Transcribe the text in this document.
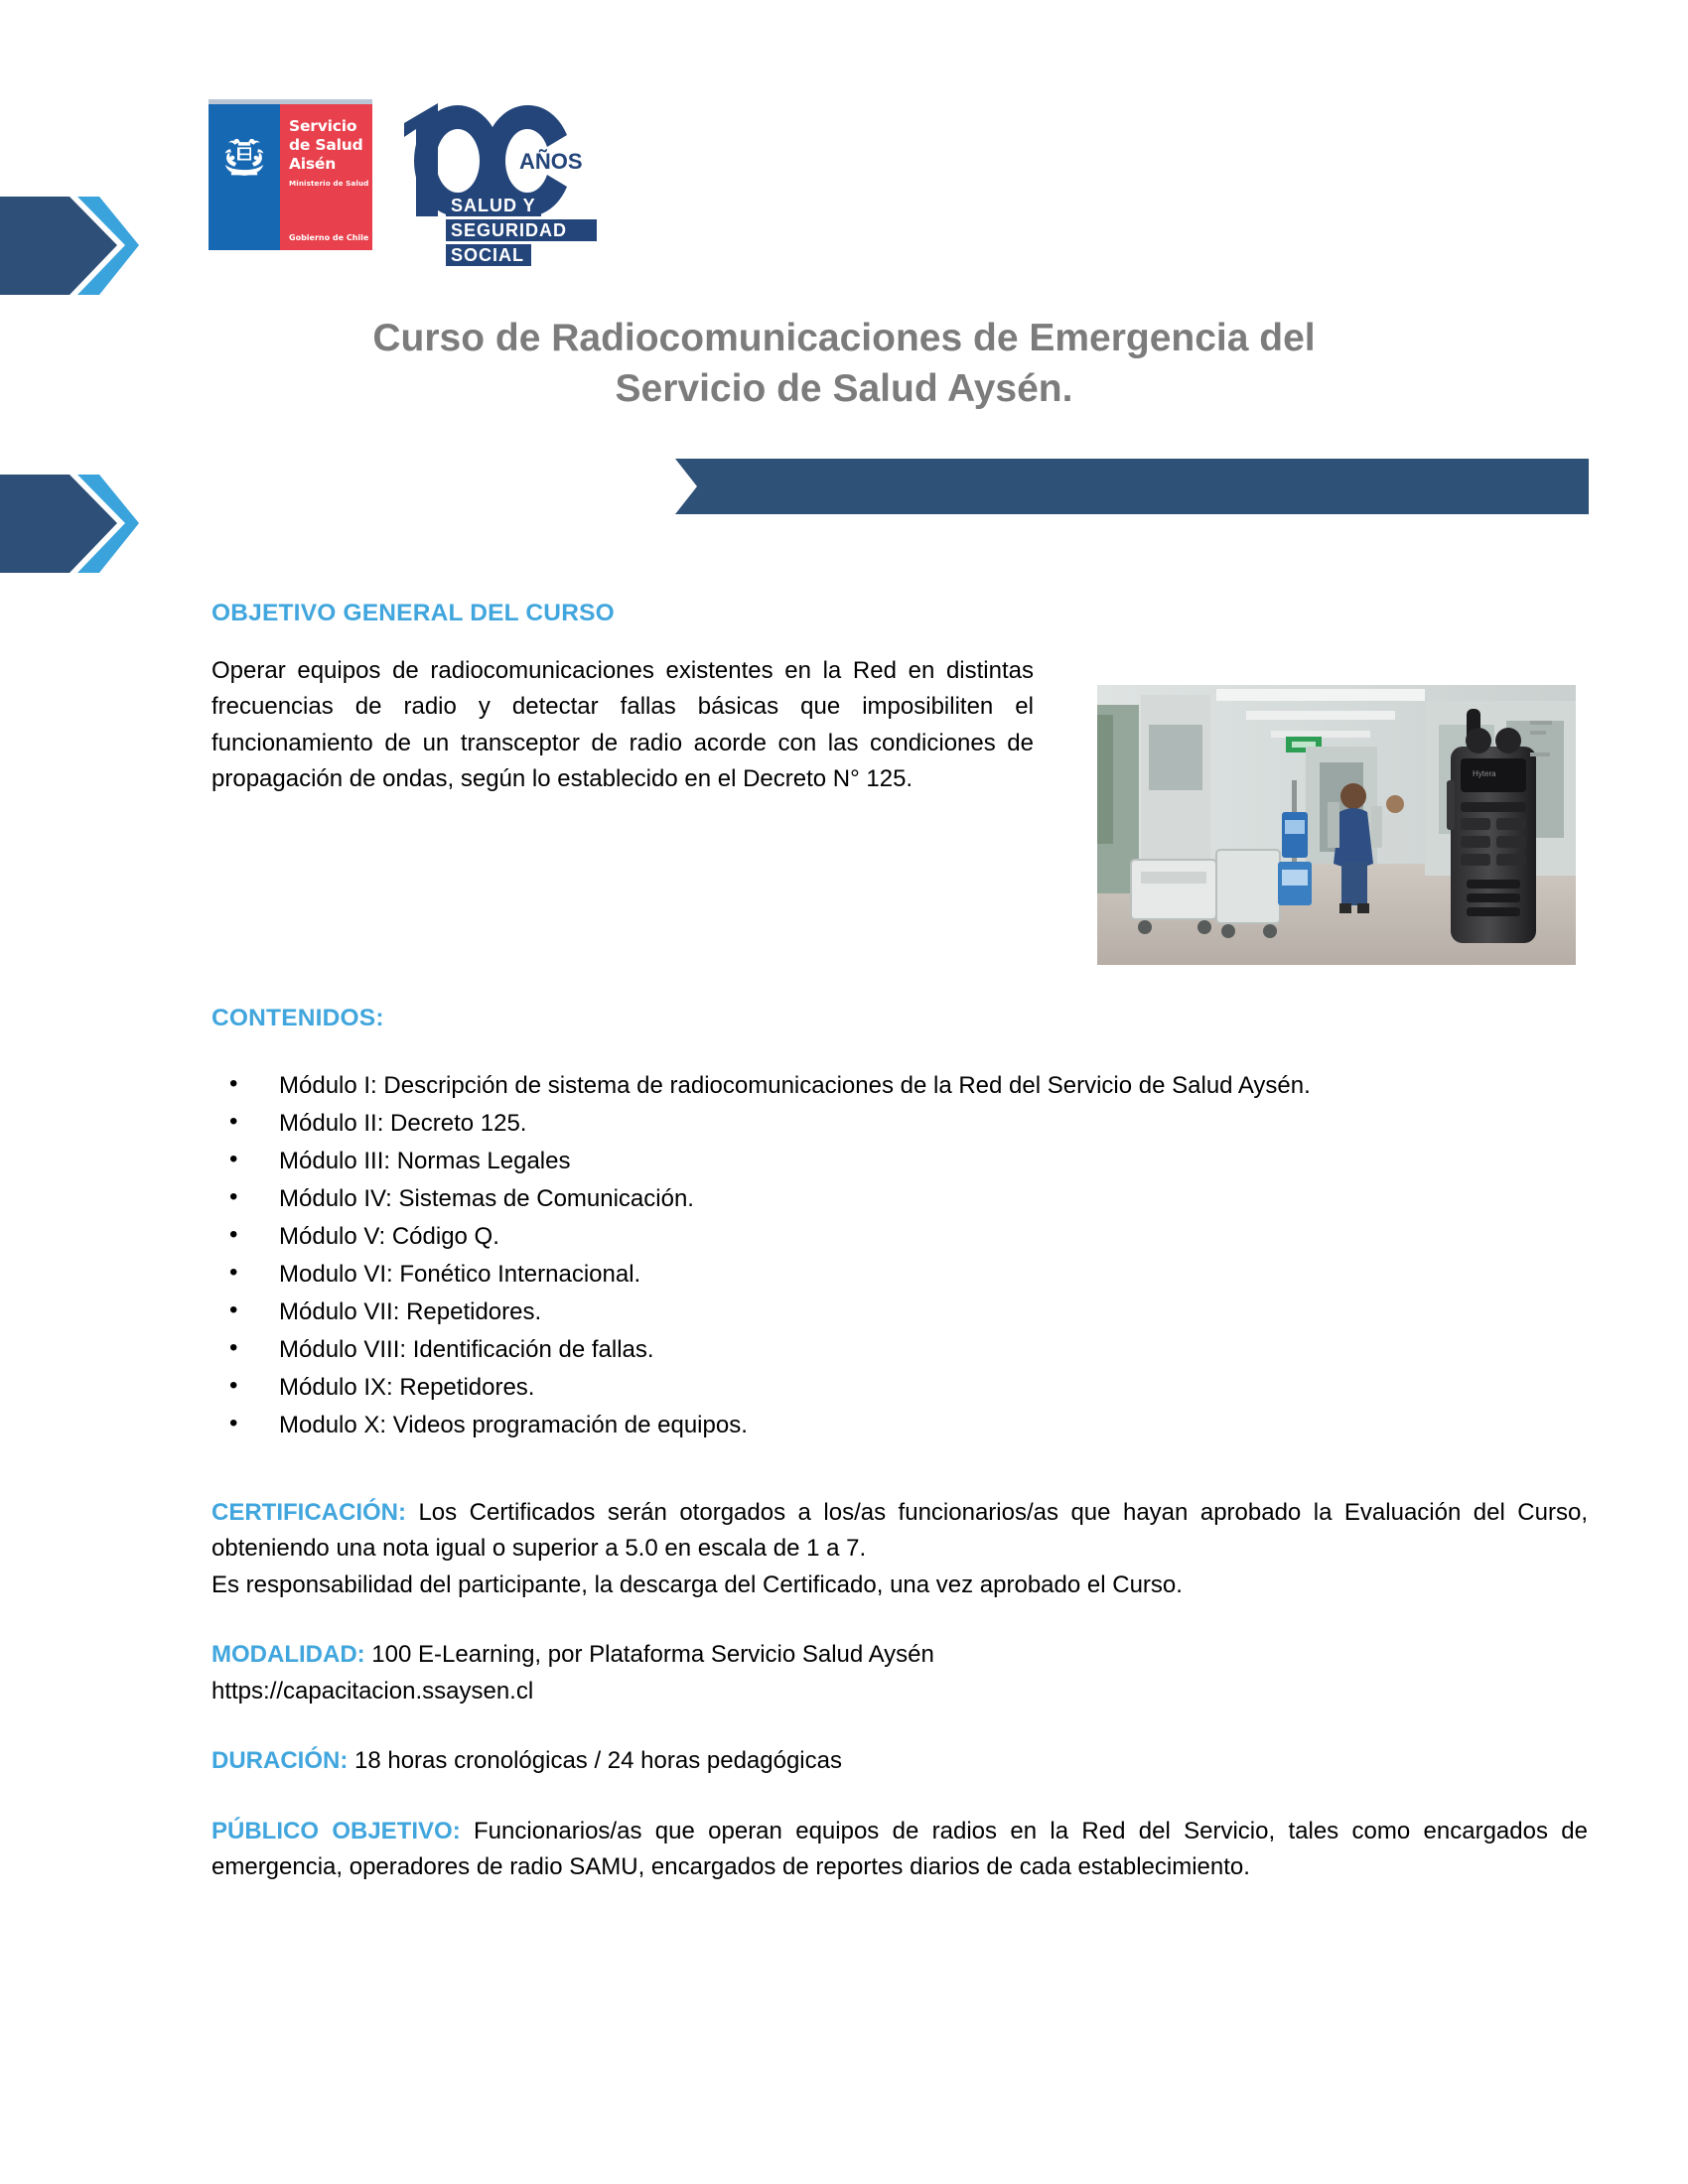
Servicio
de Salud
Aisén
Ministerio de Salud
Gobierno de Chile
AÑOS
SALUD Y
SEGURIDAD
SOCIAL
Curso de Radiocomunicaciones de Emergencia del
Servicio de Salud Aysén.
OBJETIVO GENERAL DEL CURSO
Operar equipos de radiocomunicaciones existentes en la Red en distintas frecuencias de radio y detectar fallas básicas que imposibiliten el funcionamiento de un transceptor de radio acorde con las condiciones de propagación de ondas, según lo establecido en el Decreto N° 125.	Hytera
CONTENIDOS:
• Módulo I: Descripción de sistema de radiocomunicaciones de la Red del Servicio de Salud Aysén.
• Módulo II: Decreto 125.
• Módulo III: Normas Legales
• Módulo IV: Sistemas de Comunicación.
• Módulo V: Código Q.
• Modulo VI: Fonético Internacional.
• Módulo VII: Repetidores.
• Módulo VIII: Identificación de fallas.
• Módulo IX: Repetidores.
• Modulo X: Videos programación de equipos.

CERTIFICACIÓN: Los Certificados serán otorgados a los/as funcionarios/as que hayan aprobado la Evaluación del Curso, obteniendo una nota igual o superior a 5.0 en escala de 1 a 7.

Es responsabilidad del participante, la descarga del Certificado, una vez aprobado el Curso.

MODALIDAD: 100 E-Learning, por Plataforma Servicio Salud Aysén

https://capacitacion.ssaysen.cl

DURACIÓN: 18 horas cronológicas / 24 horas pedagógicas

PÚBLICO OBJETIVO: Funcionarios/as que operan equipos de radios en la Red del Servicio, tales como encargados de emergencia, operadores de radio SAMU, encargados de reportes diarios de cada establecimiento.
